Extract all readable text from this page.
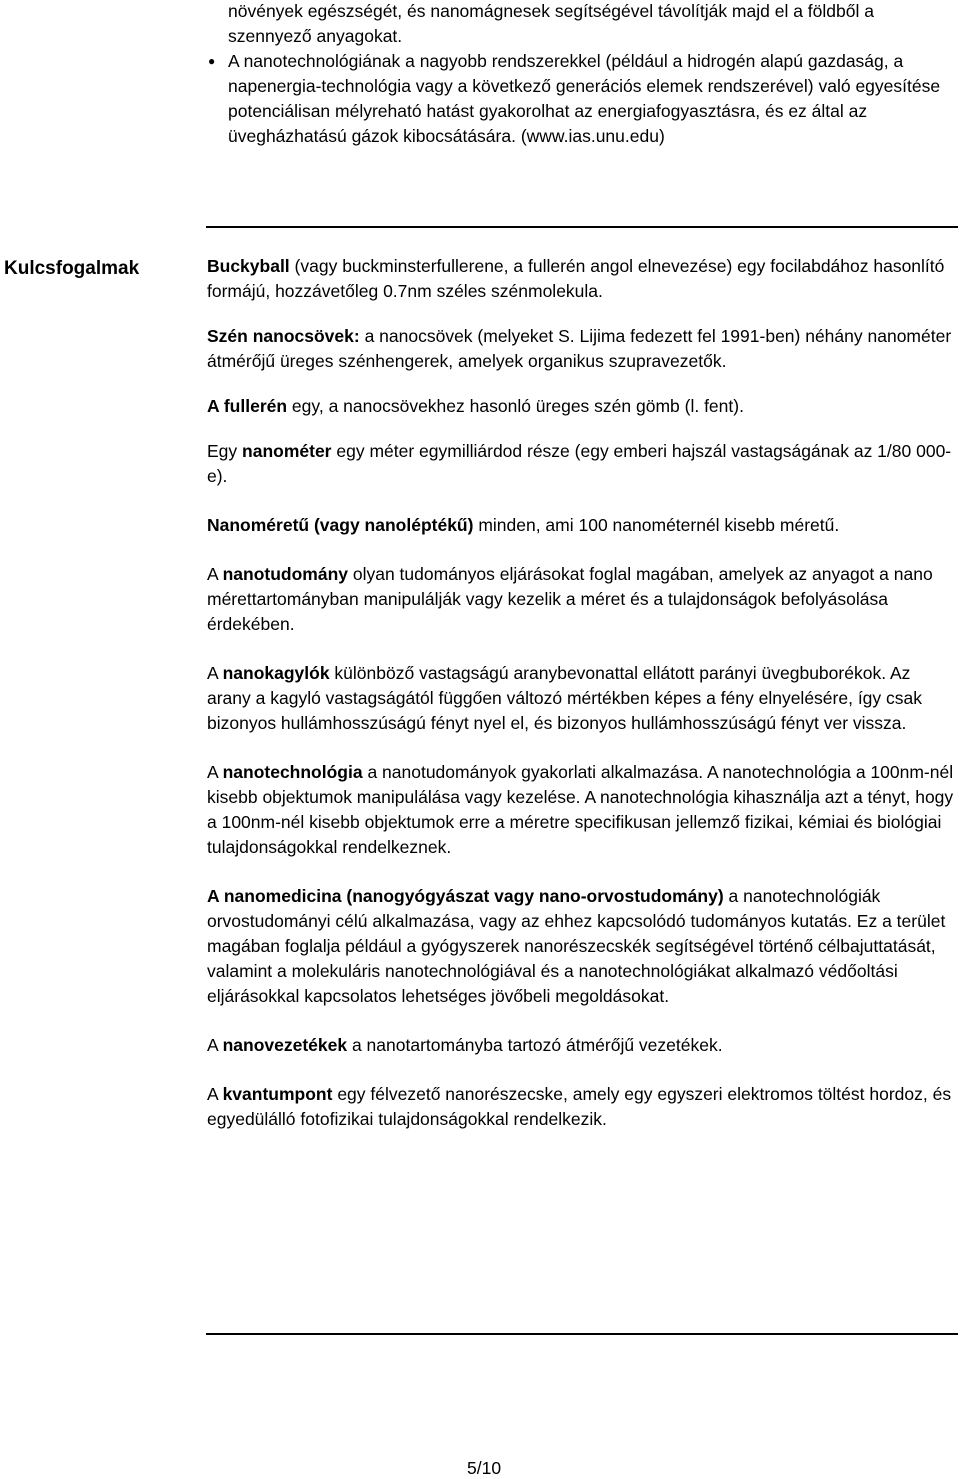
növények egészségét, és nanomágnesek segítségével távolítják majd el a földből a szennyező anyagokat.

● A nanotechnológiának a nagyobb rendszerekkel (például a hidrogén alapú gazdaság, a napenergia-technológia vagy a következő generációs elemek rendszerével) való egyesítése potenciálisan mélyreható hatást gyakorolhat az energiafogyasztásra, és ez által az üvegházhatású gázok kibocsátására. (www.ias.unu.edu)

Kulcsfogalmak	Buckyball (vagy buckminsterfullerene, a fullerén angol elnevezése) egy focilabdához hasonlító formájú, hozzávetőleg 0.7nm széles szénmolekula.

Szén nanocsövek: a nanocsövek (melyeket S. Lijima fedezett fel 1991-ben) néhány nanométer átmérőjű üreges szénhengerek, amelyek organikus szupravezetők.

A fullerén egy, a nanocsövekhez hasonló üreges szén gömb (l. fent).

Egy nanométer egy méter egymilliárdod része (egy emberi hajszál vastagságának az 1/80 000-e).

Nanoméretű (vagy nanoléptékű) minden, ami 100 nanométernél kisebb méretű.

A nanotudomány olyan tudományos eljárásokat foglal magában, amelyek az anyagot a nano mérettartományban manipulálják vagy kezelik a méret és a tulajdonságok befolyásolása érdekében.

A nanokagylók különböző vastagságú aranybevonattal ellátott parányi üvegbuborékok. Az arany a kagyló vastagságától függően változó mértékben képes a fény elnyelésére, így csak bizonyos hullámhosszúságú fényt nyel el, és bizonyos hullámhosszúságú fényt ver vissza.

A nanotechnológia a nanotudományok gyakorlati alkalmazása. A nanotechnológia a 100nm-nél kisebb objektumok manipulálása vagy kezelése. A nanotechnológia kihasználja azt a tényt, hogy a 100nm-nél kisebb objektumok erre a méretre specifikusan jellemző fizikai, kémiai és biológiai tulajdonságokkal rendelkeznek.

A nanomedicina (nanogyógyászat vagy nano-orvostudomány) a nanotechnológiák orvostudományi célú alkalmazása, vagy az ehhez kapcsolódó tudományos kutatás. Ez a terület magában foglalja például a gyógyszerek nanorészecskék segítségével történő célbajuttatását, valamint a molekuláris nanotechnológiával és a nanotechnológiákat alkalmazó védőoltási eljárásokkal kapcsolatos lehetséges jövőbeli megoldásokat.

A nanovezetékek a nanotartományba tartozó átmérőjű vezetékek.

A kvantumpont egy félvezető nanorészecske, amely egy egyszeri elektromos töltést hordoz, és egyedülálló fotofizikai tulajdonságokkal rendelkezik.

5/10
